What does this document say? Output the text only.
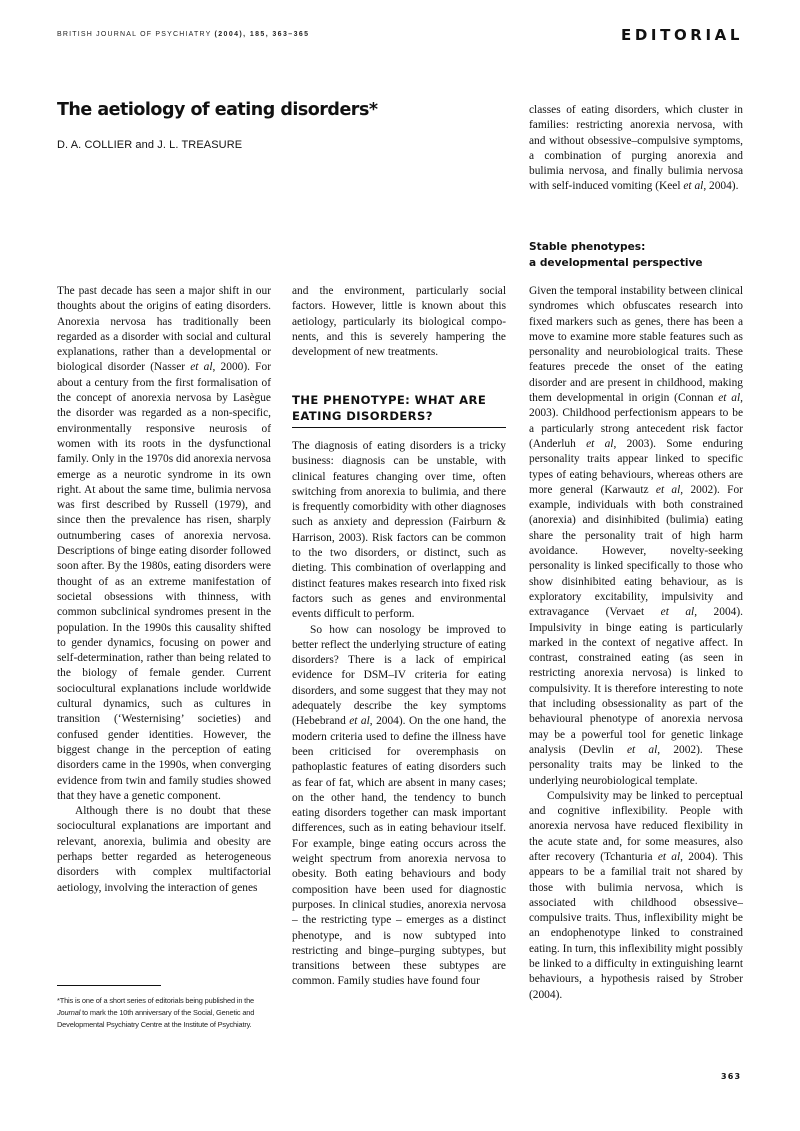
BRITISH JOURNAL OF PSYCHIATRY (2004), 185, 363–365	EDITORIAL
The aetiology of eating disorders*
D. A. COLLIER and J. L. TREASURE

The past decade has seen a major shift in our thoughts about the origins of eating disorders. Anorexia nervosa has traditionally been regarded as a disorder with social and cultural explanations, rather than a developmental or biological disorder (Nasser et al, 2000). For about a century from the first formalisation of the concept of anorexia nervosa by Lasègue the disorder was regarded as a non-specific, environmentally responsive neurosis of women with its roots in the dysfunctional family. Only in the 1970s did anorexia nervosa emerge as a neurotic syndrome in its own right. At about the same time, bulimia nervosa was first described by Russell (1979), and since then the prevalence has risen, sharply outnumbering cases of anorexia nervosa. Descriptions of binge eating disorder followed soon after. By the 1980s, eating disorders were thought of as an extreme manifestation of societal obsessions with thinness, with common subclinical syndromes present in the population. In the 1990s this causality shifted to gender dynamics, focusing on power and self-determination, rather than being related to the biology of female gender. Current sociocultural explanations include worldwide cultural dynamics, such as cultures in transition (‘Westernising’ societies) and confused gender identities. However, the biggest change in the perception of eating disorders came in the 1990s, when converging evidence from twin and family studies showed that they have a genetic component.

Although there is no doubt that these sociocultural explanations are important and relevant, anorexia, bulimia and obesity are perhaps better regarded as heterogeneous disorders with complex multifactorial aetiology, involving the interaction of genes

and the environment, particularly social factors. However, little is known about this aetiology, particularly its biological components, and this is severely hampering the development of new treatments.

THE PHENOTYPE: WHAT ARE EATING DISORDERS?

The diagnosis of eating disorders is a tricky business: diagnosis can be unstable, with clinical features changing over time, often switching from anorexia to bulimia, and there is frequently comorbidity with other diagnoses such as anxiety and depression (Fairburn & Harrison, 2003). Risk factors can be common to the two disorders, or distinct, such as dieting. This combination of overlapping and distinct features makes research into fixed risk factors such as genes and environmental events difficult to perform.

So how can nosology be improved to better reflect the underlying structure of eating disorders? There is a lack of empirical evidence for DSM–IV criteria for eating disorders, and some suggest that they may not adequately describe the key symptoms (Hebebrand et al, 2004). On the one hand, the modern criteria used to define the illness have been criticised for overemphasis on pathoplastic features of eating disorders such as fear of fat, which are absent in many cases; on the other hand, the tendency to bunch eating disorders together can mask important differences, such as in eating behaviour itself. For example, binge eating occurs across the weight spectrum from anorexia nervosa to obesity. Both eating behaviours and body composition have been used for diagnostic purposes. In clinical studies, anorexia nervosa – the restricting type – emerges as a distinct phenotype, and is now subtyped into restricting and binge–purging subtypes, but transitions between these subtypes are common. Family studies have found four

classes of eating disorders, which cluster in families: restricting anorexia nervosa, with and without obsessive–compulsive symptoms, a combination of purging anorexia and bulimia nervosa, and finally bulimia nervosa with self-induced vomiting (Keel et al, 2004).

Stable phenotypes:
a developmental perspective

Given the temporal instability between clinical syndromes which obfuscates research into fixed markers such as genes, there has been a move to examine more stable features such as personality and neurobiological traits. These features precede the onset of the eating disorder and are present in childhood, making them developmental in origin (Connan et al, 2003). Childhood perfectionism appears to be a particularly strong antecedent risk factor (Anderluh et al, 2003). Some enduring personality traits appear linked to specific types of eating behaviours, whereas others are more general (Karwautz et al, 2002). For example, individuals with both constrained (anorexia) and disinhibited (bulimia) eating share the personality trait of high harm avoidance. However, novelty-seeking personality is linked specifically to those who show disinhibited eating behaviour, as is exploratory excitability, impulsivity and extravagance (Vervaet et al, 2004). Impulsivity in binge eating is particularly marked in the context of negative affect. In contrast, constrained eating (as seen in restricting anorexia nervosa) is linked to compulsivity. It is therefore interesting to note that including obsessionality as part of the behavioural phenotype of anorexia nervosa may be a powerful tool for genetic linkage analysis (Devlin et al, 2002). These personality traits may be linked to the underlying neurobiological template.

Compulsivity may be linked to perceptual and cognitive inflexibility. People with anorexia nervosa have reduced flexibility in the acute state and, for some measures, also after recovery (Tchanturia et al, 2004). This appears to be a familial trait not shared by those with bulimia nervosa, which is associated with childhood obsessive–compulsive traits. Thus, inflexibility might be an endophenotype linked to constrained eating. In turn, this inflexibility might possibly be linked to a difficulty in extinguishing learnt behaviours, a hypothesis raised by Strober (2004).

*This is one of a short series of editorials being published in the Journal to mark the 10th anniversary of the Social, Genetic and Developmental Psychiatry Centre at the Institute of Psychiatry.
363
